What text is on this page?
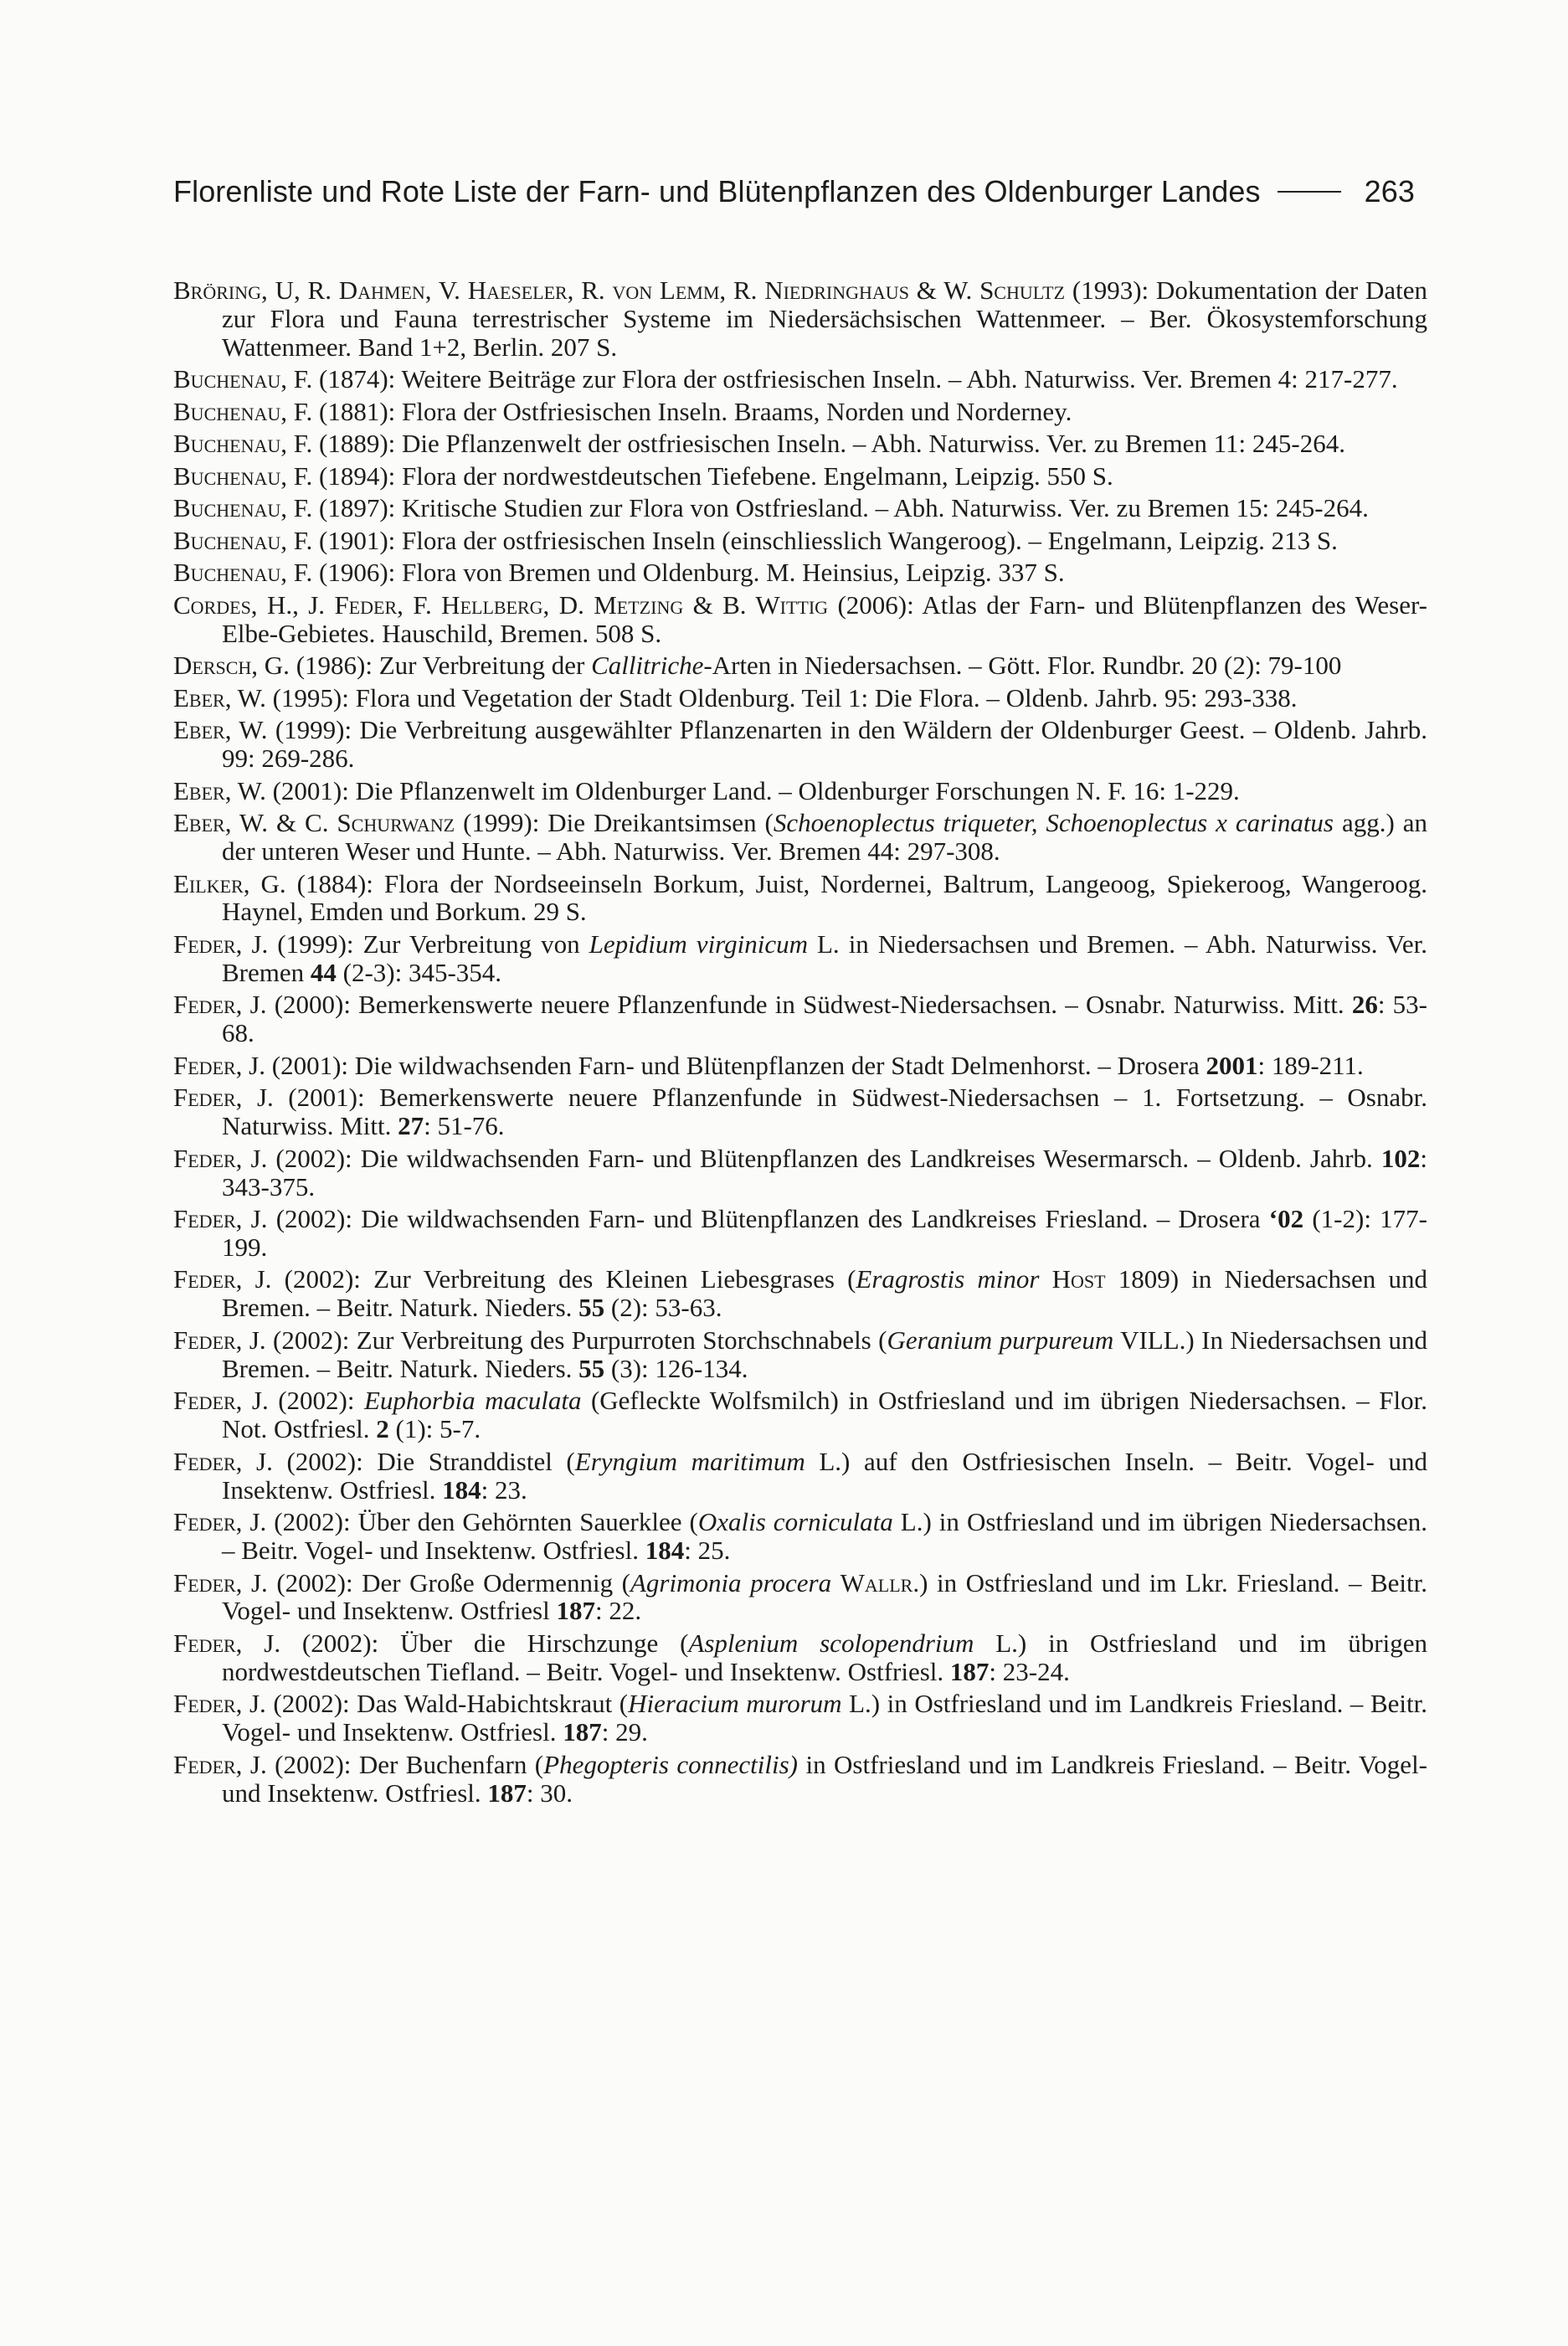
Florenliste und Rote Liste der Farn- und Blütenpflanzen des Oldenburger Landes	263

Bröring, U, R. Dahmen, V. Haeseler, R. von Lemm, R. Niedringhaus & W. Schultz (1993): Dokumentation der Daten zur Flora und Fauna terrestrischer Systeme im Niedersächsischen Wattenmeer. – Ber. Ökosystemforschung Wattenmeer. Band 1+2, Berlin. 207 S.

Buchenau, F. (1874): Weitere Beiträge zur Flora der ostfriesischen Inseln. – Abh. Naturwiss. Ver. Bremen 4: 217-277.

Buchenau, F. (1881): Flora der Ostfriesischen Inseln. Braams, Norden und Norderney.

Buchenau, F. (1889): Die Pflanzenwelt der ostfriesischen Inseln. – Abh. Naturwiss. Ver. zu Bremen 11: 245-264.

Buchenau, F. (1894): Flora der nordwestdeutschen Tiefebene. Engelmann, Leipzig. 550 S.

Buchenau, F. (1897): Kritische Studien zur Flora von Ostfriesland. – Abh. Naturwiss. Ver. zu Bremen 15: 245-264.

Buchenau, F. (1901): Flora der ostfriesischen Inseln (einschliesslich Wangeroog). – Engelmann, Leipzig. 213 S.

Buchenau, F. (1906): Flora von Bremen und Oldenburg. M. Heinsius, Leipzig. 337 S.

Cordes, H., J. Feder, F. Hellberg, D. Metzing & B. Wittig (2006): Atlas der Farn- und Blütenpflanzen des Weser-Elbe-Gebietes. Hauschild, Bremen. 508 S.

Dersch, G. (1986): Zur Verbreitung der Callitriche-Arten in Niedersachsen. – Gött. Flor. Rundbr. 20 (2): 79-100

Eber, W. (1995): Flora und Vegetation der Stadt Oldenburg. Teil 1: Die Flora. – Oldenb. Jahrb. 95: 293-338.

Eber, W. (1999): Die Verbreitung ausgewählter Pflanzenarten in den Wäldern der Oldenburger Geest. – Oldenb. Jahrb. 99: 269-286.

Eber, W. (2001): Die Pflanzenwelt im Oldenburger Land. – Oldenburger Forschungen N. F. 16: 1-229.

Eber, W. & C. Schurwanz (1999): Die Dreikantsimsen (Schoenoplectus triqueter, Schoenoplectus x carinatus agg.) an der unteren Weser und Hunte. – Abh. Naturwiss. Ver. Bremen 44: 297-308.

Eilker, G. (1884): Flora der Nordseeinseln Borkum, Juist, Nordernei, Baltrum, Langeoog, Spiekeroog, Wangeroog. Haynel, Emden und Borkum. 29 S.

Feder, J. (1999): Zur Verbreitung von Lepidium virginicum L. in Niedersachsen und Bremen. – Abh. Naturwiss. Ver. Bremen 44 (2-3): 345-354.

Feder, J. (2000): Bemerkenswerte neuere Pflanzenfunde in Südwest-Niedersachsen. – Osnabr. Naturwiss. Mitt. 26: 53-68.

Feder, J. (2001): Die wildwachsenden Farn- und Blütenpflanzen der Stadt Delmenhorst. – Drosera 2001: 189-211.

Feder, J. (2001): Bemerkenswerte neuere Pflanzenfunde in Südwest-Niedersachsen – 1. Fortsetzung. – Osnabr. Naturwiss. Mitt. 27: 51-76.

Feder, J. (2002): Die wildwachsenden Farn- und Blütenpflanzen des Landkreises Wesermarsch. – Oldenb. Jahrb. 102: 343-375.

Feder, J. (2002): Die wildwachsenden Farn- und Blütenpflanzen des Landkreises Friesland. – Drosera ‘02 (1-2): 177-199.

Feder, J. (2002): Zur Verbreitung des Kleinen Liebesgrases (Eragrostis minor Host 1809) in Niedersachsen und Bremen. – Beitr. Naturk. Nieders. 55 (2): 53-63.

Feder, J. (2002): Zur Verbreitung des Purpurroten Storchschnabels (Geranium purpureum VILL.) In Niedersachsen und Bremen. – Beitr. Naturk. Nieders. 55 (3): 126-134.

Feder, J. (2002): Euphorbia maculata (Gefleckte Wolfsmilch) in Ostfriesland und im übrigen Niedersachsen. – Flor. Not. Ostfriesl. 2 (1): 5-7.

Feder, J. (2002): Die Stranddistel (Eryngium maritimum L.) auf den Ostfriesischen Inseln. – Beitr. Vogel- und Insektenw. Ostfriesl. 184: 23.

Feder, J. (2002): Über den Gehörnten Sauerklee (Oxalis corniculata L.) in Ostfriesland und im übrigen Niedersachsen. – Beitr. Vogel- und Insektenw. Ostfriesl. 184: 25.

Feder, J. (2002): Der Große Odermennig (Agrimonia procera Wallr.) in Ostfriesland und im Lkr. Friesland. – Beitr. Vogel- und Insektenw. Ostfriesl 187: 22.

Feder, J. (2002): Über die Hirschzunge (Asplenium scolopendrium L.) in Ostfriesland und im übrigen nordwestdeutschen Tiefland. – Beitr. Vogel- und Insektenw. Ostfriesl. 187: 23-24.

Feder, J. (2002): Das Wald-Habichtskraut (Hieracium murorum L.) in Ostfriesland und im Landkreis Friesland. – Beitr. Vogel- und Insektenw. Ostfriesl. 187: 29.

Feder, J. (2002): Der Buchenfarn (Phegopteris connectilis) in Ostfriesland und im Landkreis Friesland. – Beitr. Vogel- und Insektenw. Ostfriesl. 187: 30.
